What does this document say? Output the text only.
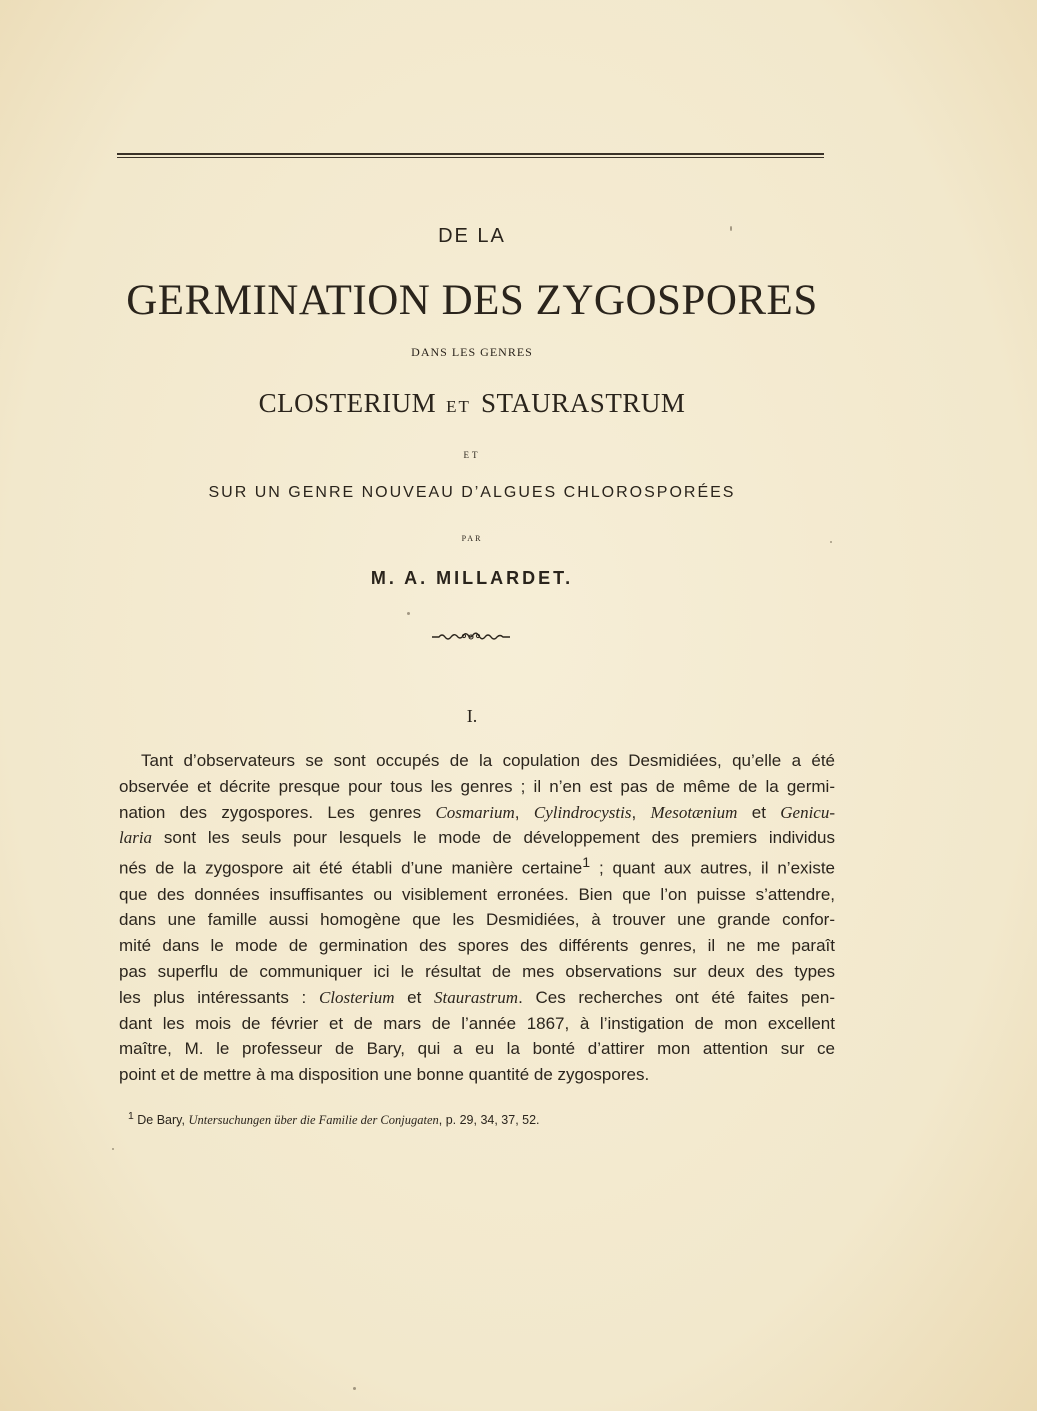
DE LA
GERMINATION DES ZYGOSPORES
DANS LES GENRES
CLOSTERIUM ET STAURASTRUM
ET
SUR UN GENRE NOUVEAU D’ALGUES CHLOROSPORÉES
PAR
M. A. MILLARDET.
I.
Tant d’observateurs se sont occupés de la copulation des Desmidiées, qu’elle a été
observée et décrite presque pour tous les genres ; il n’en est pas de même de la germi-
nation des zygospores. Les genres Cosmarium, Cylindrocystis, Mesotænium et Genicu-
laria sont les seuls pour lesquels le mode de développement des premiers individus
nés de la zygospore ait été établi d’une manière certaine$^1$ ; quant aux autres, il n’existe
que des données insuffisantes ou visiblement erronées. Bien que l’on puisse s’attendre,
dans une famille aussi homogène que les Desmidiées, à trouver une grande confor-
mité dans le mode de germination des spores des différents genres, il ne me paraît
pas superflu de communiquer ici le résultat de mes observations sur deux des types
les plus intéressants : Closterium et Staurastrum. Ces recherches ont été faites pen-
dant les mois de février et de mars de l’année 1867, à l’instigation de mon excellent
maître, M. le professeur de Bary, qui a eu la bonté d’attirer mon attention sur ce
point et de mettre à ma disposition une bonne quantité de zygospores.
$^1$ De Bary, Untersuchungen über die Familie der Conjugaten, p. 29, 34, 37, 52.
